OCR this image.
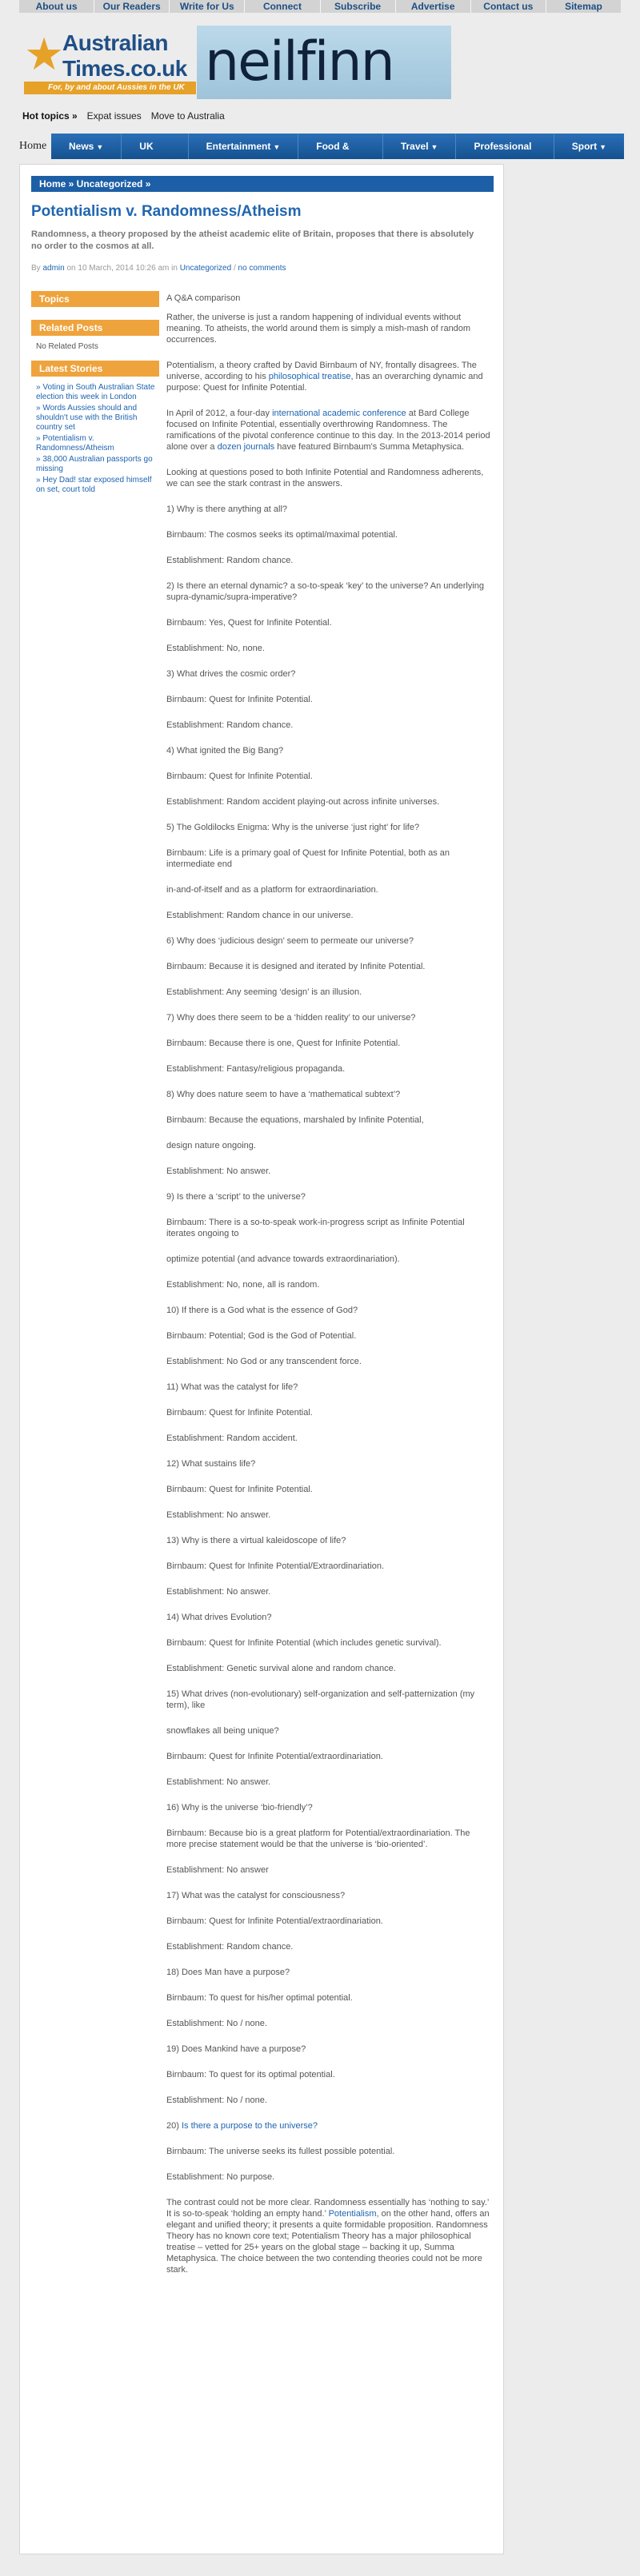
About us	Our Readers	Write for Us	Connect	Subscribe	Advertise	Contact us	Sitemap
★
Australian
Times.co.uk
For, by and about Aussies in the UK neilfinn
Hot topics » Expat issues Move to Australia
Home	News ▼	UK	Entertainment ▼	Food &	Travel ▼	Professional	Sport ▼
Home » Uncategorized »
Potentialism v. Randomness/Atheism
Randomness, a theory proposed by the atheist academic elite of Britain, proposes that there is absolutely no order to the cosmos at all.
By admin on 10 March, 2014 10:26 am in Uncategorized / no comments
Topics
Related Posts
No Related Posts
Latest Stories
» Voting in South Australian State election this week in London
» Words Aussies should and shouldn't use with the British country set
» Potentialism v. Randomness/Atheism
» 38,000 Australian passports go missing
» Hey Dad! star exposed himself on set, court told

A Q&A comparison

Rather, the universe is just a random happening of individual events without meaning. To atheists, the world around them is simply a mish-mash of random occurrences.

Potentialism, a theory crafted by David Birnbaum of NY, frontally disagrees. The universe, according to his philosophical treatise, has an overarching dynamic and purpose: Quest for Infinite Potential.

In April of 2012, a four-day international academic conference at Bard College focused on Infinite Potential, essentially overthrowing Randomness. The ramifications of the pivotal conference continue to this day. In the 2013-2014 period alone over a dozen journals have featured Birnbaum's Summa Metaphysica.

Looking at questions posed to both Infinite Potential and Randomness adherents, we can see the stark contrast in the answers.

1) Why is there anything at all?

Birnbaum: The cosmos seeks its optimal/maximal potential.

Establishment: Random chance.

2) Is there an eternal dynamic? a so-to-speak ‘key’ to the universe? An underlying supra-dynamic/supra-imperative?

Birnbaum: Yes, Quest for Infinite Potential.

Establishment: No, none.

3) What drives the cosmic order?

Birnbaum: Quest for Infinite Potential.

Establishment: Random chance.

4) What ignited the Big Bang?

Birnbaum: Quest for Infinite Potential.

Establishment: Random accident playing-out across infinite universes.

5) The Goldilocks Enigma: Why is the universe ‘just right’ for life?

Birnbaum: Life is a primary goal of Quest for Infinite Potential, both as an intermediate end

in-and-of-itself and as a platform for extraordinariation.

Establishment: Random chance in our universe.

6) Why does ‘judicious design’ seem to permeate our universe?

Birnbaum: Because it is designed and iterated by Infinite Potential.

Establishment: Any seeming ‘design’ is an illusion.

7) Why does there seem to be a ‘hidden reality’ to our universe?

Birnbaum: Because there is one, Quest for Infinite Potential.

Establishment: Fantasy/religious propaganda.

8) Why does nature seem to have a ‘mathematical subtext’?

Birnbaum: Because the equations, marshaled by Infinite Potential,

design nature ongoing.

Establishment: No answer.

9) Is there a ‘script’ to the universe?

Birnbaum: There is a so-to-speak work-in-progress script as Infinite Potential iterates ongoing to

optimize potential (and advance towards extraordinariation).

Establishment: No, none, all is random.

10) If there is a God what is the essence of God?

Birnbaum: Potential; God is the God of Potential.

Establishment: No God or any transcendent force.

11) What was the catalyst for life?

Birnbaum: Quest for Infinite Potential.

Establishment: Random accident.

12) What sustains life?

Birnbaum: Quest for Infinite Potential.

Establishment: No answer.

13) Why is there a virtual kaleidoscope of life?

Birnbaum: Quest for Infinite Potential/Extraordinariation.

Establishment: No answer.

14) What drives Evolution?

Birnbaum: Quest for Infinite Potential (which includes genetic survival).

Establishment: Genetic survival alone and random chance.

15) What drives (non-evolutionary) self-organization and self-patternization (my term), like

snowflakes all being unique?

Birnbaum: Quest for Infinite Potential/extraordinariation.

Establishment: No answer.

16) Why is the universe ‘bio-friendly’?

Birnbaum: Because bio is a great platform for Potential/extraordinariation. The more precise statement would be that the universe is ‘bio-oriented’.

Establishment: No answer

17) What was the catalyst for consciousness?

Birnbaum: Quest for Infinite Potential/extraordinariation.

Establishment: Random chance.

18) Does Man have a purpose?

Birnbaum: To quest for his/her optimal potential.

Establishment: No / none.

19) Does Mankind have a purpose?

Birnbaum: To quest for its optimal potential.

Establishment: No / none.

20) Is there a purpose to the universe?

Birnbaum: The universe seeks its fullest possible potential.

Establishment: No purpose.

The contrast could not be more clear. Randomness essentially has ‘nothing to say.’ It is so-to-speak ‘holding an empty hand.’ Potentialism, on the other hand, offers an elegant and unified theory; it presents a quite formidable proposition. Randomness Theory has no known core text; Potentialism Theory has a major philosophical treatise – vetted for 25+ years on the global stage – backing it up, Summa Metaphysica. The choice between the two contending theories could not be more stark.
